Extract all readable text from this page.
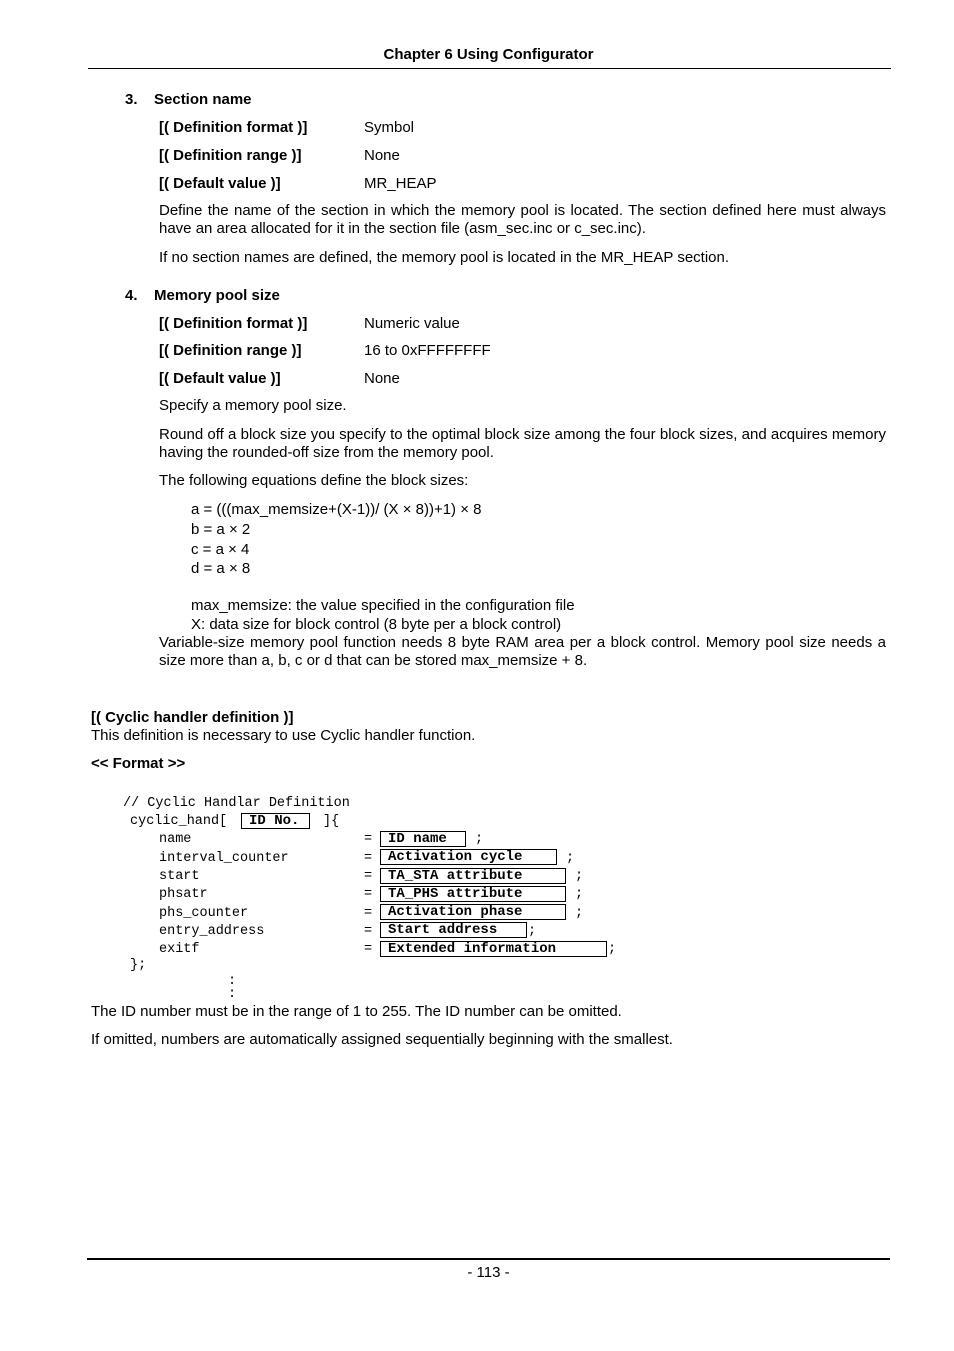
Chapter 6 Using Configurator
3. Section name
[( Definition format )]	Symbol
[( Definition range )]	None
[( Default value )]	MR_HEAP
Define the name of the section in which the memory pool is located. The section defined here must always have an area allocated for it in the section file (asm_sec.inc or c_sec.inc).
If no section names are defined, the memory pool is located in the MR_HEAP section.
4. Memory pool size
[( Definition format )]	Numeric value
[( Definition range )]	16 to 0xFFFFFFFF
[( Default value )]	None
Specify a memory pool size.
Round off a block size you specify to the optimal block size among the four block sizes, and acquires memory having the rounded-off size from the memory pool.
The following equations define the block sizes:
a = (((max_memsize+(X-1))/ (X × 8))+1) × 8
b = a × 2
c = a × 4
d = a × 8
max_memsize: the value specified in the configuration file
X: data size for block control (8 byte per a block control)
Variable-size memory pool function needs 8 byte RAM area per a block control. Memory pool size needs a size more than a, b, c or d that can be stored max_memsize + 8.
[( Cyclic handler definition )]
This definition is necessary to use Cyclic handler function.
<< Format >>
// Cyclic Handlar Definition
cyclic_hand[	ID No.	]{
name	=	ID name	;
interval_counter	=	Activation cycle	;
start	=	TA_STA attribute	;
phsatr	=	TA_PHS attribute	;
phs_counter	=	Activation phase	;
entry_address	=	Start address	;
exitf	=	Extended information	;
};
:
:
The ID number must be in the range of 1 to 255. The ID number can be omitted.
If omitted, numbers are automatically assigned sequentially beginning with the smallest.
- 113 -
